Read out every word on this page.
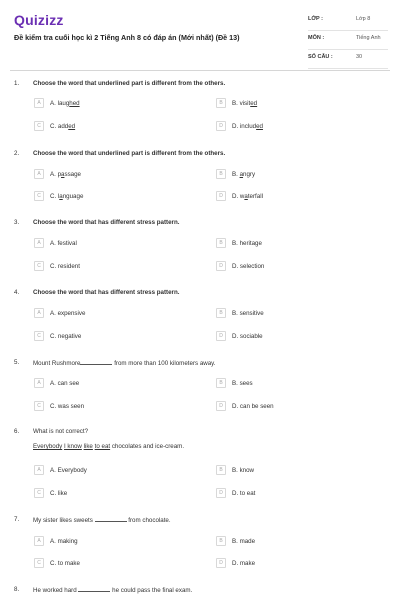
Quizizz
Đề kiểm tra cuối học kì 2 Tiếng Anh 8 có đáp án (Mới nhất) (Đề 13)
LỚP :	Lớp 8
MÔN :	Tiếng Anh
SỐ CÂU :	30
1. Choose the word that underlined part is different from the others.
A	A. laughed	B	B. visited
C	C. added	D	D. included
2. Choose the word that underlined part is different from the others.
A	A. passage	B	B. angry
C	C. language	D	D. waterfall
3. Choose the word that has different stress pattern.
A	A. festival	B	B. heritage
C	C. resident	D	D. selection
4. Choose the word that has different stress pattern.
A	A. expensive	B	B. sensitive
C	C. negative	D	D. sociable
5. Mount Rushmore	from more than 100 kilometers away.
A	A. can see	B	B. sees
C	C. was seen	D	D. can be seen
6. What is not correct?
Everybody I know like to eat chocolates and ice-cream.
A	A. Everybody	B	B. know
C	C. like	D	D. to eat
7. My sister likes sweets	from chocolate.
A	A. making	B	B. made
C	C. to make	D	D. make
8. He worked hard	he could pass the final exam.
